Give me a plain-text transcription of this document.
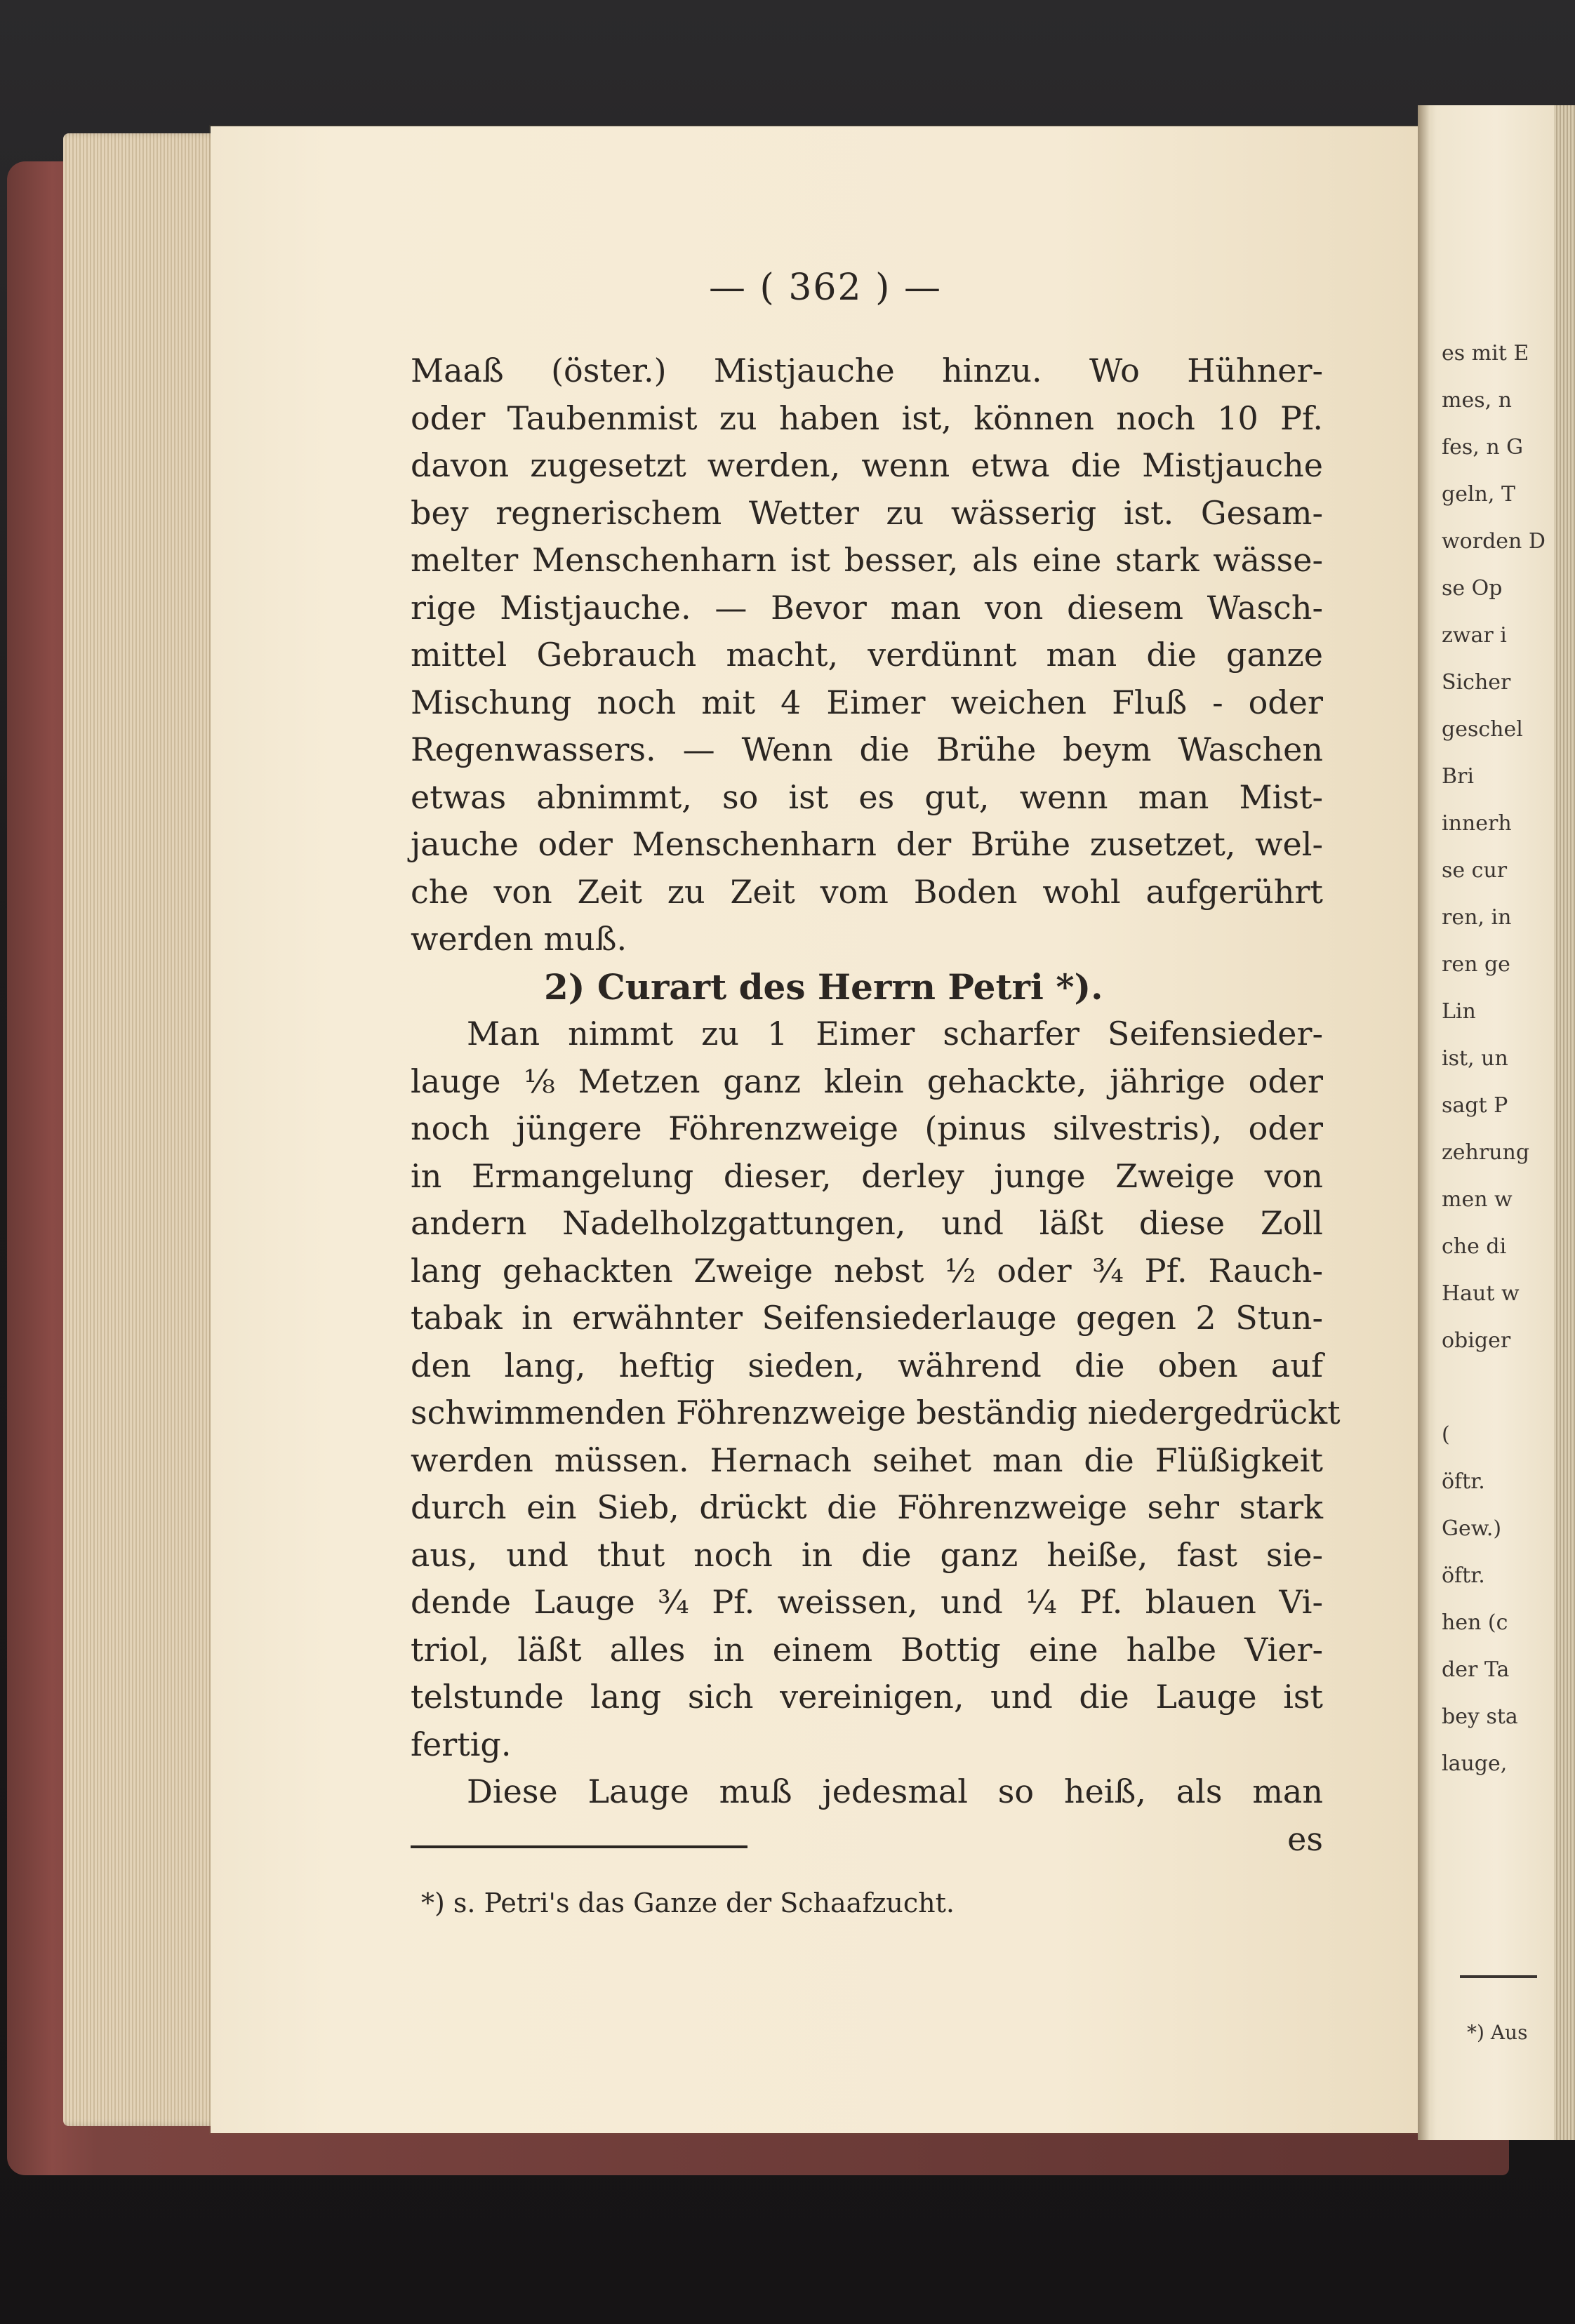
es mit E
mes, n
fes, n G
geln, T
worden D
se Op
zwar i
Sicher
geschel
Bri
innerh
se cur
ren, in
ren ge
Lin
ist, un
sagt P
zehrung
men w
che di
Haut w
obiger
(
öftr.
Gew.)
öftr.
hen (c
der Ta
bey sta
lauge,
*) Aus
— ( 362 ) —
Maaß (öster.) Mistjauche hinzu. Wo Hühner-
oder Taubenmist zu haben ist, können noch 10 Pf.
davon zugesetzt werden, wenn etwa die Mistjauche
bey regnerischem Wetter zu wässerig ist. Gesam-
melter Menschenharn ist besser, als eine stark wässe-
rige Mistjauche. — Bevor man von diesem Wasch-
mittel Gebrauch macht, verdünnt man die ganze
Mischung noch mit 4 Eimer weichen Fluß - oder
Regenwassers. — Wenn die Brühe beym Waschen
etwas abnimmt, so ist es gut, wenn man Mist-
jauche oder Menschenharn der Brühe zusetzet, wel-
che von Zeit zu Zeit vom Boden wohl aufgerührt
werden muß.
2) Curart des Herrn Petri *).
Man nimmt zu 1 Eimer scharfer Seifensieder-
lauge ⅛ Metzen ganz klein gehackte, jährige oder
noch jüngere Föhrenzweige (pinus silvestris), oder
in Ermangelung dieser, derley junge Zweige von
andern Nadelholzgattungen, und läßt diese Zoll
lang gehackten Zweige nebst ½ oder ¾ Pf. Rauch-
tabak in erwähnter Seifensiederlauge gegen 2 Stun-
den lang, heftig sieden, während die oben auf
schwimmenden Föhrenzweige beständig niedergedrückt
werden müssen. Hernach seihet man die Flüßigkeit
durch ein Sieb, drückt die Föhrenzweige sehr stark
aus, und thut noch in die ganz heiße, fast sie-
dende Lauge ¾ Pf. weissen, und ¼ Pf. blauen Vi-
triol, läßt alles in einem Bottig eine halbe Vier-
telstunde lang sich vereinigen, und die Lauge ist
fertig.
Diese Lauge muß jedesmal so heiß, als man
es
*) s. Petri's das Ganze der Schaafzucht.
